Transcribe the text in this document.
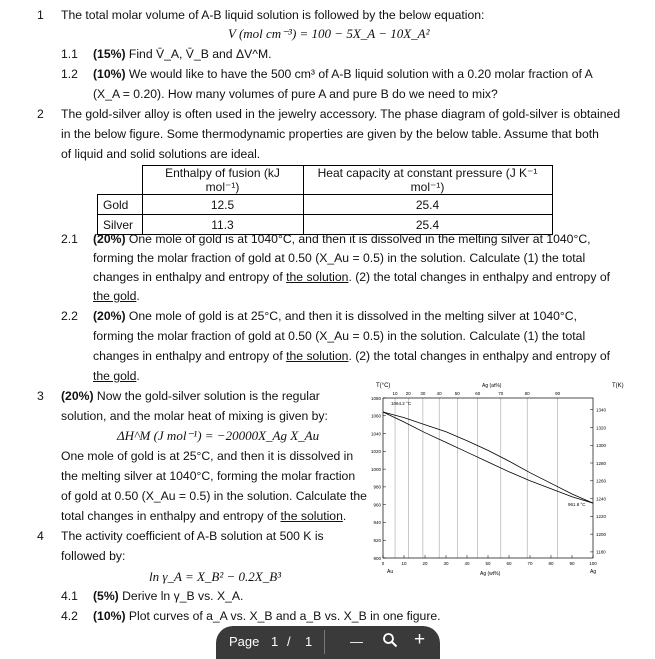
1 The total molar volume of A-B liquid solution is followed by the below equation:
V (mol cm⁻³) = 100 − 5X_A − 10X_A²
1.1 (15%) Find V̄_A, V̄_B and ΔV^M.
1.2 (10%) We would like to have the 500 cm³ of A-B liquid solution with a 0.20 molar fraction of A
(X_A = 0.20). How many volumes of pure A and pure B do we need to mix?
2 The gold-silver alloy is often used in the jewelry accessory. The phase diagram of gold-silver is obtained
in the below figure. Some thermodynamic properties are given by the below table. Assume that both
of liquid and solid solutions are ideal.
	Enthalpy of fusion (kJ mol⁻¹)	Heat capacity at constant pressure (J K⁻¹ mol⁻¹)
Gold	12.5	25.4
Silver	11.3	25.4
2.1 (20%) One mole of gold is at 1040°C, and then it is dissolved in the melting silver at 1040°C,
forming the molar fraction of gold at 0.50 (X_Au = 0.5) in the solution. Calculate (1) the total
changes in enthalpy and entropy of the solution. (2) the total changes in enthalpy and entropy of
the gold.
2.2 (20%) One mole of gold is at 25°C, and then it is dissolved in the melting silver at 1040°C,
forming the molar fraction of gold at 0.50 (X_Au = 0.5) in the solution. Calculate (1) the total
changes in enthalpy and entropy of the solution. (2) the total changes in enthalpy and entropy of
the gold.
3 (20%) Now the gold-silver solution is the regular
solution, and the molar heat of mixing is given by:
ΔH^M (J mol⁻¹) = −20000X_Ag X_Au
One mole of gold is at 25°C, and then it is dissolved in
the melting silver at 1040°C, forming the molar fraction
of gold at 0.50 (X_Au = 0.5) in the solution. Calculate the
total changes in enthalpy and entropy of the solution.
4 The activity coefficient of A-B solution at 500 K is
followed by:
ln γ_A = X_B² − 0.2X_B³
4.1 (5%) Derive ln γ_B vs. X_A.
4.2 (10%) Plot curves of a_A vs. X_B and a_B vs. X_B in one figure.
1080
1060
1040
1020
1000
980
960
940
920
900
1340
1320
1300
1280
1260
1240
1220
1200
1180
0	10	20	30	40	50	60	70	80	90	100
10 20 30 40	50	60	70	80	90
T(°C)	T(K)
Ag (at%)
Ag (wt%)
Au	Ag
1064.2 °C
961.8 °C
Page 1 / 1	—	+
